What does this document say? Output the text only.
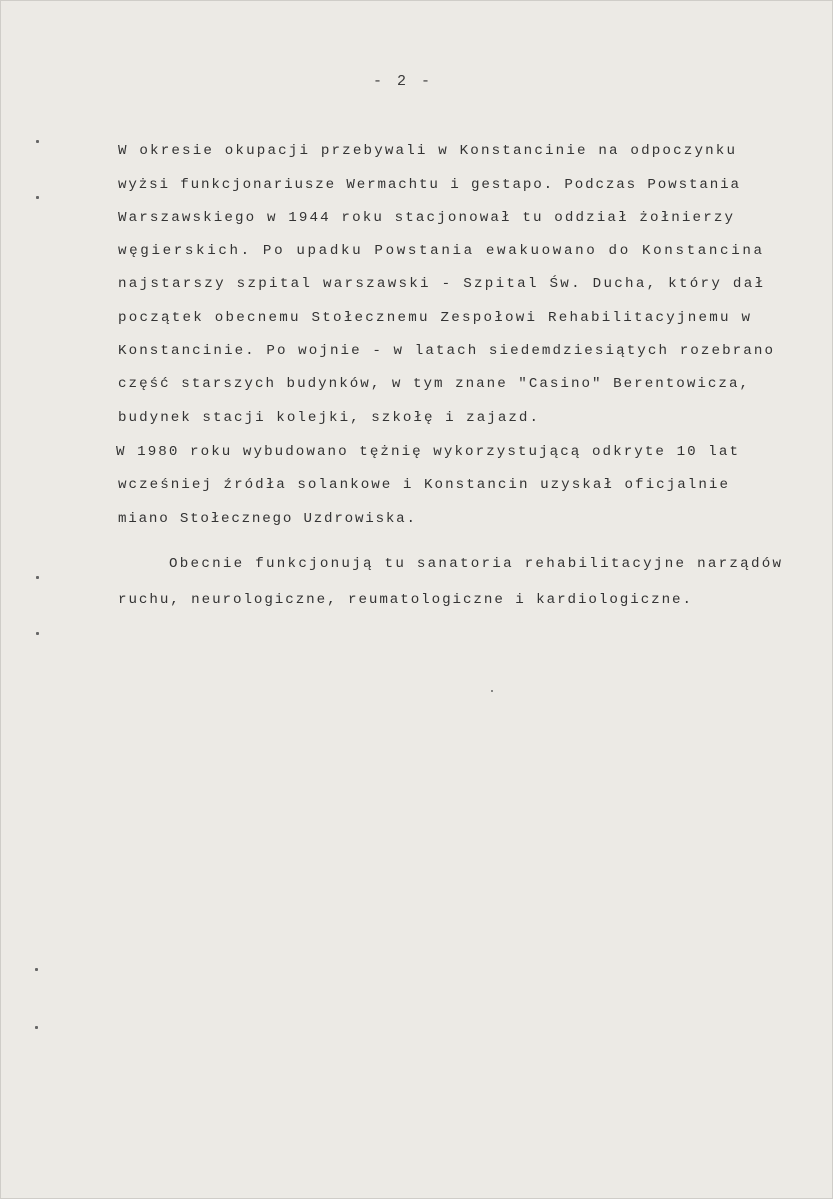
- 2 -
W okresie okupacji przebywali w Konstancinie na odpoczynku
wyżsi funkcjonariusze Wermachtu i gestapo. Podczas Powstania
Warszawskiego w 1944 roku stacjonował tu oddział żołnierzy
węgierskich. Po upadku Powstania ewakuowano do Konstancina
najstarszy szpital warszawski - Szpital Św. Ducha, który dał
początek obecnemu Stołecznemu Zespołowi Rehabilitacyjnemu w
Konstancinie. Po wojnie - w latach siedemdziesiątych rozebrano
część starszych budynków, w tym znane "Casino" Berentowicza,
budynek stacji kolejki, szkołę i zajazd.
W 1980 roku wybudowano tężnię wykorzystującą odkryte 10 lat
wcześniej źródła solankowe i Konstancin uzyskał oficjalnie
miano Stołecznego Uzdrowiska.
Obecnie funkcjonują tu sanatoria rehabilitacyjne narządów
ruchu, neurologiczne, reumatologiczne i kardiologiczne.
